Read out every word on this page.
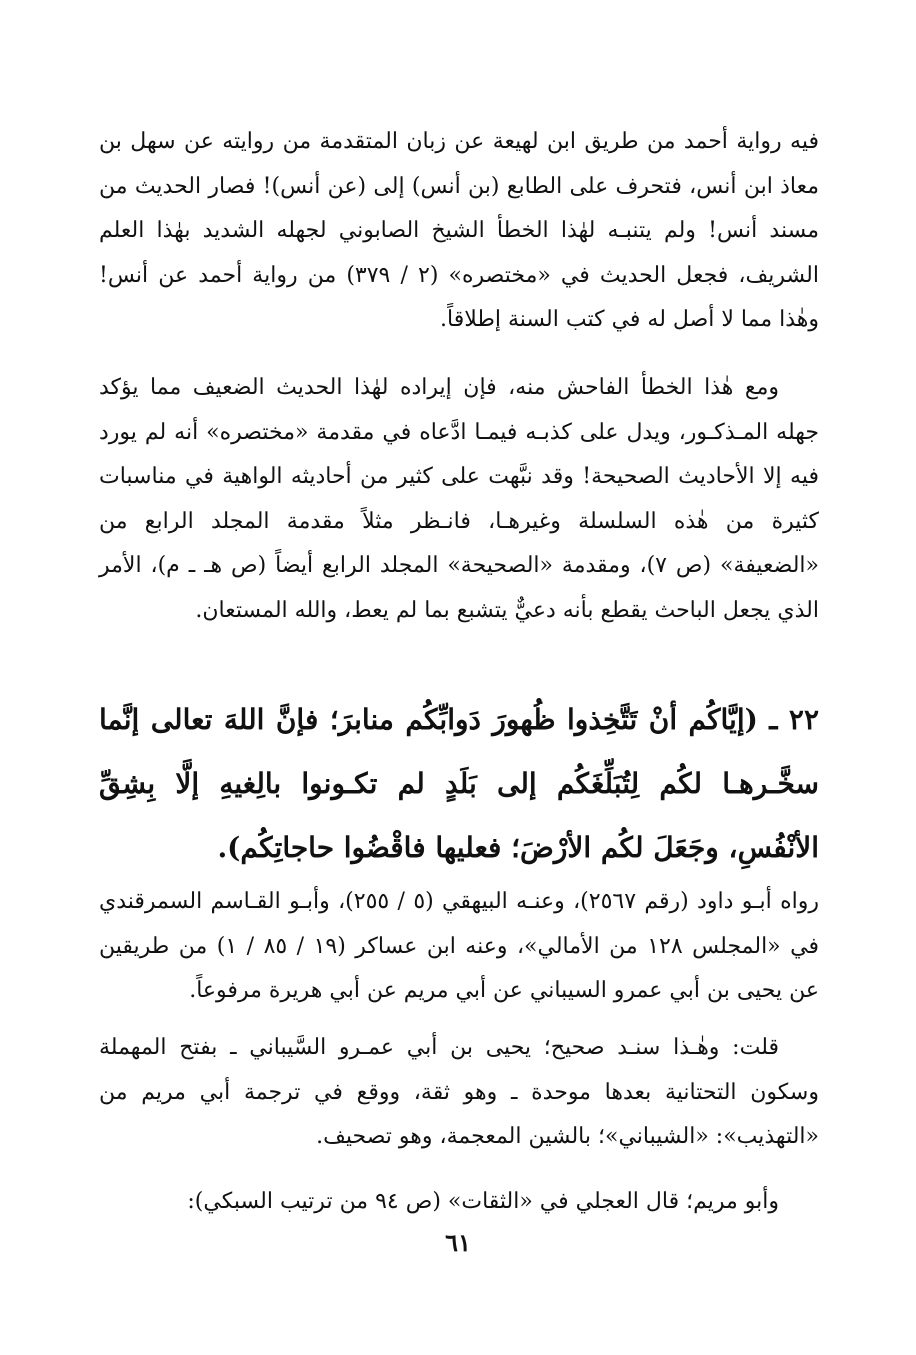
فيه رواية أحمد من طريق ابن لهيعة عن زبان المتقدمة من روايته عن سهل بن معاذ ابن أنس، فتحرف على الطابع (بن أنس) إلى (عن أنس)! فصار الحديث من مسند أنس! ولم يتنبـه لهٰذا الخطأ الشيخ الصابوني لجهله الشديد بهٰذا العلم الشريف، فجعل الحديث في «مختصره» (٢ / ٣٧٩) من رواية أحمد عن أنس! وهٰذا مما لا أصل له في كتب السنة إطلاقاً.

ومع هٰذا الخطأ الفاحش منه، فإن إيراده لهٰذا الحديث الضعيف مما يؤكد جهله المـذكـور، ويدل على كذبـه فيمـا ادَّعاه في مقدمة «مختصره» أنه لم يورد فيه إلا الأحاديث الصحيحة! وقد نبَّهت على كثير من أحاديثه الواهية في مناسبات كثيرة من هٰذه السلسلة وغيرهـا، فانـظر مثلاً مقدمة المجلد الرابع من «الضعيفة» (ص ٧)، ومقدمة «الصحيحة» المجلد الرابع أيضاً (ص هـ ـ م)، الأمر الذي يجعل الباحث يقطع بأنه دعيٌّ يتشبع بما لم يعط، والله المستعان.

٢٢ ـ (إيَّاكُم أنْ تَتَّخِذوا ظُهورَ دَوابِّكُم منابرَ؛ فإنَّ اللهَ تعالى إنَّما سخَّـرهـا لكُم لِتُبَلِّغَكُم إلى بَلَدٍ لم تكـونوا بالِغيهِ إلَّا بِشِقِّ الأنْفُسِ، وجَعَلَ لكُم الأرْضَ؛ فعليها فاقْضُوا حاجاتِكُم).

رواه أبـو داود (رقم ٢٥٦٧)، وعنـه البيهقي (٥ / ٢٥٥)، وأبـو القـاسم السمرقندي في «المجلس ١٢٨ من الأمالي»، وعنه ابن عساكر (١٩ / ٨٥ / ١) من طريقين عن يحيى بن أبي عمرو السيباني عن أبي مريم عن أبي هريرة مرفوعاً.

قلت: وهٰـذا سنـد صحيح؛ يحيى بن أبي عمـرو السَّيباني ـ بفتح المهملة وسكون التحتانية بعدها موحدة ـ وهو ثقة، ووقع في ترجمة أبي مريم من «التهذيب»: «الشيباني»؛ بالشين المعجمة، وهو تصحيف.

وأبو مريم؛ قال العجلي في «الثقات» (ص ٩٤ من ترتيب السبكي):

٦١
